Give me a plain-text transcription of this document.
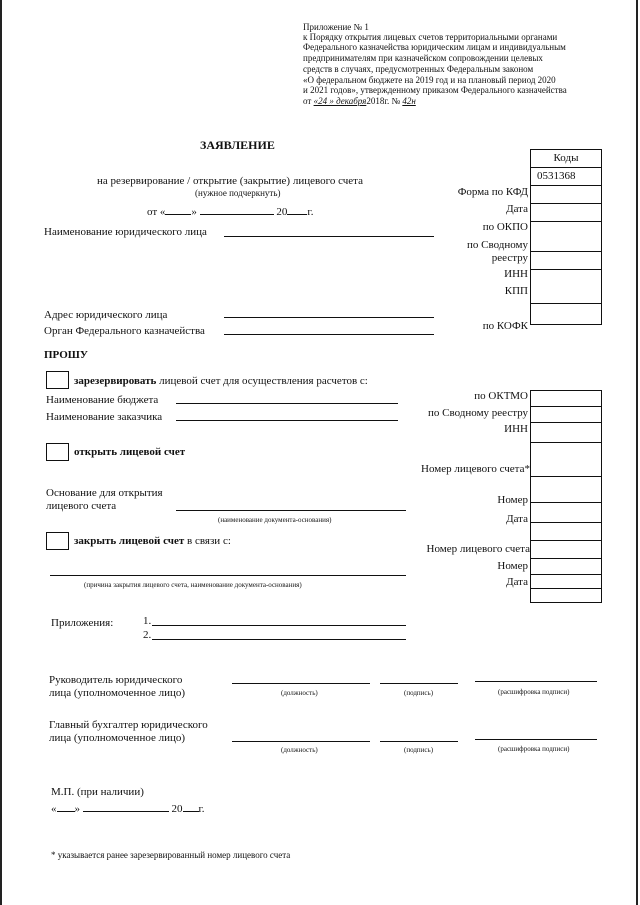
Приложение № 1
к Порядку открытия лицевых счетов территориальными органами
Федерального казначейства юридическим лицам и индивидуальным
предпринимателям при казначейском сопровождении целевых
средств в случаях, предусмотренных Федеральным законом
«О федеральном бюджете на 2019 год и на плановый период 2020
и 2021 годов», утвержденному приказом Федерального казначейства
от «24 » декабря2018г. № 42н
ЗАЯВЛЕНИЕ
на резервирование / открытие (закрытие) лицевого счета
(нужное подчеркнуть)
от « »	20 г.
Наименование юридического лица
Адрес юридического лица
Орган Федерального казначейства
Коды
0531368
Форма по КФД
Дата
по ОКПО
по Сводному
реестру
ИНН
КПП
по КОФК
ПРОШУ
зарезервировать лицевой счет для осуществления расчетов с:
Наименование бюджета
Наименование заказчика
по ОКТМО
по Сводному реестру
ИНН
открыть лицевой счет
Номер лицевого счета*
Основание для открытия
лицевого счета
(наименование документа-основания)
Номер
Дата
закрыть лицевой счет в связи с:
Номер лицевого счета
Номер
Дата
(причина закрытия лицевого счета, наименование документа-основания)
Приложения:	1.
2.
Руководитель юридического
лица (уполномоченное лицо)	(должность)	(подпись)	(расшифровка подписи)
Главный бухгалтер юридического
лица (уполномоченное лицо)
(должность)	(подпись)	(расшифровка подписи)
М.П. (при наличии)
« »	20 г.
* указывается ранее зарезервированный номер лицевого счета
